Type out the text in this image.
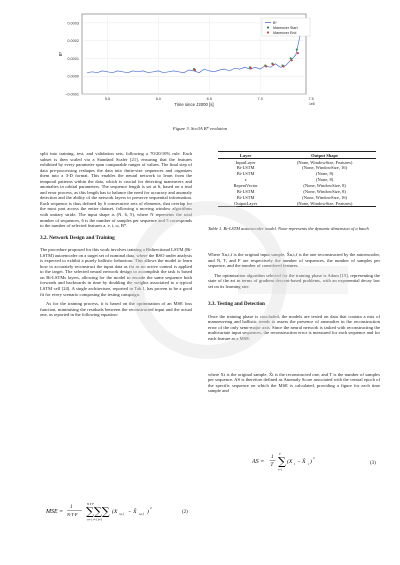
−0.0001
0.0000
0.0001
0.0002
0.0003
5.5	6.0	6.5	7.0	7.5
Time since J2000 [s]	1e8
B*
B*
Maneuver Start
Maneuver End
Figure 3. Sco3A B* evolution

split into training, test, and validation sets, following a 70/20/10% rule. Each subset is then scaled via a Standard Scaler [21], ensuring that the features exhibited by every parameter span comparable ranges of values. The final step of data pre-processing reshapes the data into finite-size sequences and organizes them into a 3-D format. This enables the neural network to learn from the temporal patterns within the data, which is crucial for detecting maneuvers and anomalies in orbital parameters. The sequence length is set at 6, based on a trial and error process, as this length has to balance the need for accuracy and anomaly detection and the ability of the network layers to preserve sequential information. Each sequence is thus defined by 6 consecutive sets of elements, that overlap for the most part across the entire dataset, following a moving window algorithms with unitary stride. The input shape is (N, 6, 5), where N represents the total number of sequences, 6 is the number of samples per sequence and 5 corresponds to the number of selected features a, e, i, ω, B*.

3.2. Network Design and Training

The procedure proposed for this work involves training a Bidirectional LSTM (Bi-LSTM) autoencoder on a target set of nominal data, where the RSO under analysis is expected to exhibit a purely ballistic behaviour. This allows the model to learn how to accurately reconstruct the input data as far as no active control is applied to the target. The selected neural network design to accomplish the task is based on Bi-LSTMs layers, allowing for the model to encode the same sequence both forwards and backwards in time by doubling the weights associated to a typical LSTM cell [24]. A single architecture, reported in Tab.1, has proven to be a good fit for every scenario composing the testing campaign.

As for the training process, it is based on the optimisation of an MSE loss function, minimising the residuals between the reconstructed input and the actual one, as reported in the following equation:

MSE =
1
N·T·F ∑∑∑
n=1 t=1 f=1
N T F
(X n,t,f − X̂ n,t,f )
2
(2)
Layer	Output Shape
InputLayer	(None, WindowSize, Features)
Bi-LSTM	(None, WindowSize, 16)
Bi-LSTM	(None, 8)
z	(None, 8)
RepeatVector	(None, WindowSize, 8)
Bi-LSTM	(None, WindowSize, 8)
Bi-LSTM	(None, WindowSize, 16)
OutputLayer	(None, WindowSize, Features)
Table 1. Bi-LSTM autoencoder model. None represents the dynamic dimension of a batch

Where Xn,t,f is the original input sample, X̂n,t,f is the one reconstructed by the autoencoder, and N, T, and F are respectively the number of sequences, the number of samples per sequence, and the number of considered features.

The optimisation algorithm selected for the training phase is Adam [15], representing the state of the art in terms of gradient descent-based problems, with an exponential decay law set on its learning rate.

3.3. Testing and Detection

Once the training phase is concluded, the models are tested on data that contain a mix of manoeuvring and ballistic trends to assess the presence of anomalies in the reconstruction error of the only semi-major axis. Since the neural network is tasked with reconstructing the multivariate input sequences, the reconstruction error is measured for each sequence and for each feature as a MSE:

where Xt is the original sample, X̂t is the reconstructed one, and T is the number of samples per sequence. AS is therefore defined as Anomaly Score associated with the central epoch of the specific sequence on which the MSE is calculated, providing a figure for each time sample and

AS =
1
T ∑
T
t=1
(X t − X̂ t )
2
(3)
